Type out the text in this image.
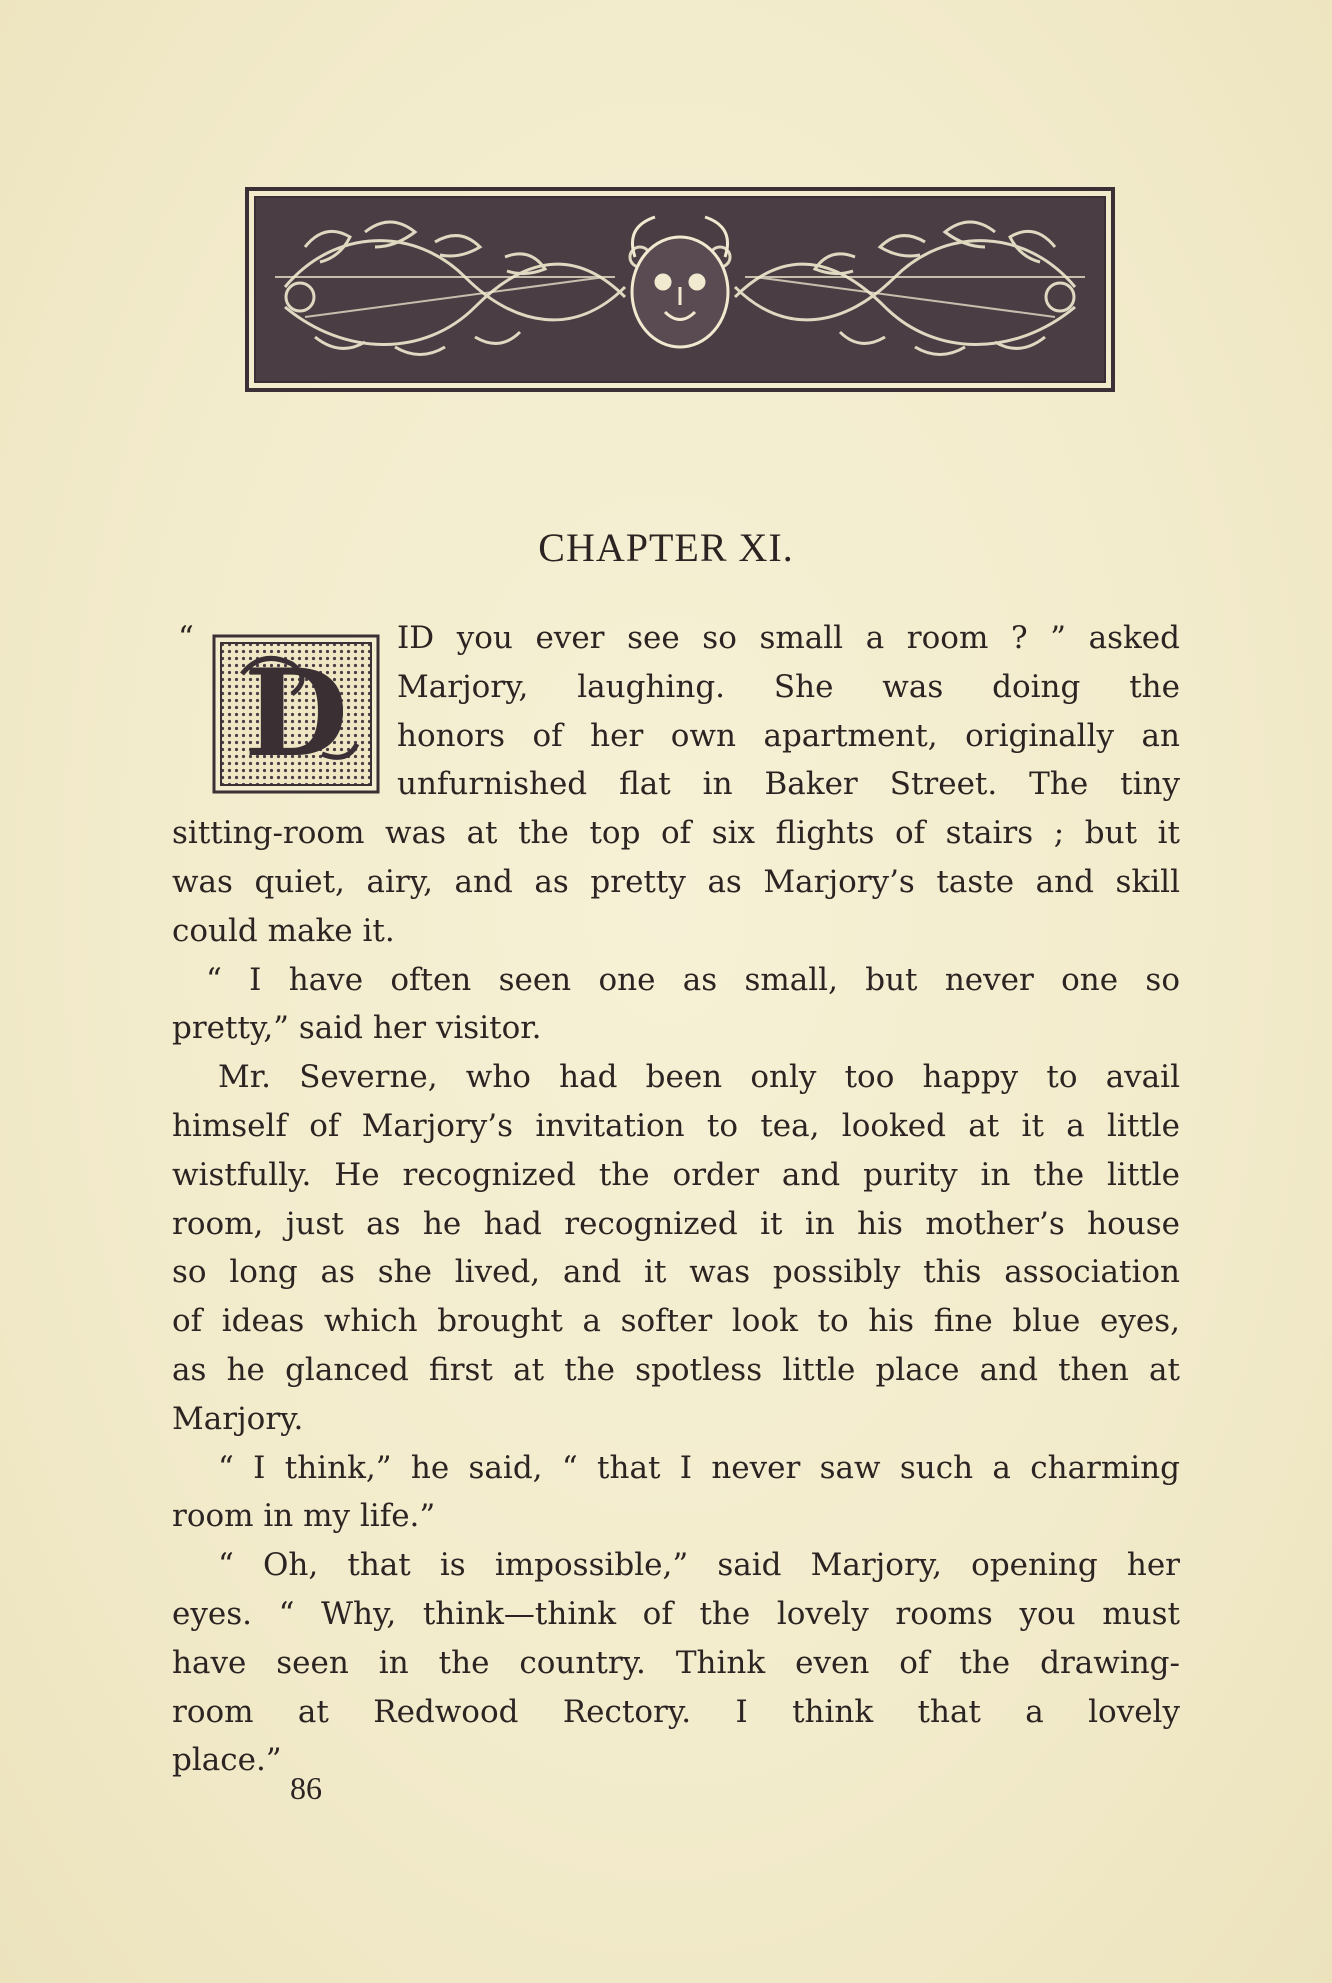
CHAPTER XI.
“
D

ID you ever see so small a room ? ” asked
Marjory, laughing. She was doing the
honors of her own apartment, originally an
unfurnished flat in Baker Street. The tiny
sitting-room was at the top of six flights of stairs ; but it
was quiet, airy, and as pretty as Marjory’s taste and skill
could make it.

“ I have often seen one as small, but never one so
pretty,” said her visitor.

Mr. Severne, who had been only too happy to avail
himself of Marjory’s invitation to tea, looked at it a little
wistfully. He recognized the order and purity in the little
room, just as he had recognized it in his mother’s house
so long as she lived, and it was possibly this association
of ideas which brought a softer look to his fine blue eyes,
as he glanced first at the spotless little place and then at
Marjory.

“ I think,” he said, “ that I never saw such a charming
room in my life.”

“ Oh, that is impossible,” said Marjory, opening her
eyes. “ Why, think—think of the lovely rooms you must
have seen in the country. Think even of the drawing-
room at Redwood Rectory. I think that a lovely
place.”

86
